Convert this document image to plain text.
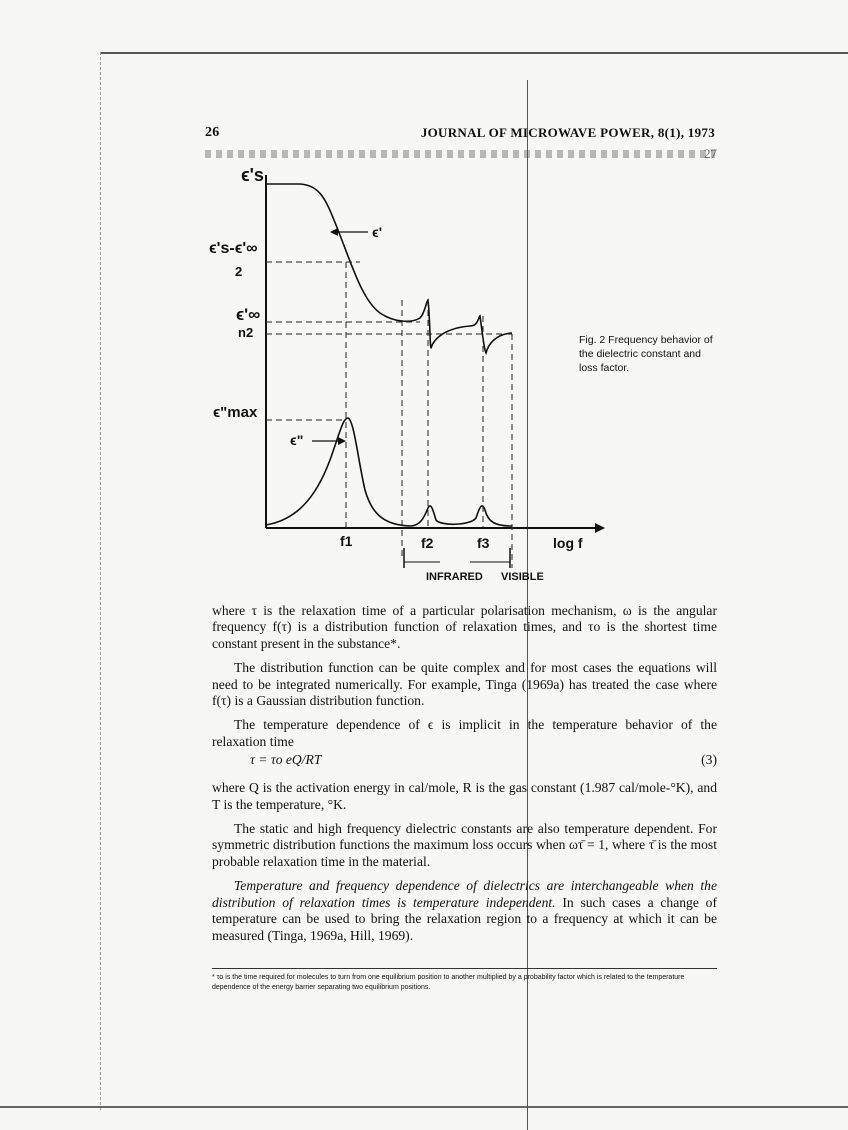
26	JOURNAL OF MICROWAVE POWER, 8(1), 1973
27
ϵ's
ϵ's-ϵ'∞
2
ϵ'∞
n2
ϵ"max
ϵ'
ϵ"
f1	f2	f3	log f
INFRARED VISIBLE
Fig. 2 Frequency behavior of the dielectric constant and loss factor.

where τ is the relaxation time of a particular polarisation mechanism, ω is the angular frequency f(τ) is a distribution function of relaxation times, and τo is the shortest time constant present in the substance*.

The distribution function can be quite complex and for most cases the equations will need to be integrated numerically. For example, Tinga (1969a) has treated the case where f(τ) is a Gaussian distribution function.

The temperature dependence of ϵ is implicit in the temperature behavior of the relaxation time

τ = τo eQ/RT	(3)

where Q is the activation energy in cal/mole, R is the gas constant (1.987 cal/mole-°K), and T is the temperature, °K.

The static and high frequency dielectric constants are also temperature dependent. For symmetric distribution functions the maximum loss occurs when ωτ̄ = 1, where τ̄ is the most probable relaxation time in the material.

Temperature and frequency dependence of dielectrics are interchangeable when the distribution of relaxation times is temperature independent. In such cases a change of temperature can be used to bring the relaxation region to a frequency at which it can be measured (Tinga, 1969a, Hill, 1969).

* τo is the time required for molecules to turn from one equilibrium position to another multiplied by a probability factor which is related to the temperature dependence of the energy barrier separating two equilibrium positions.
